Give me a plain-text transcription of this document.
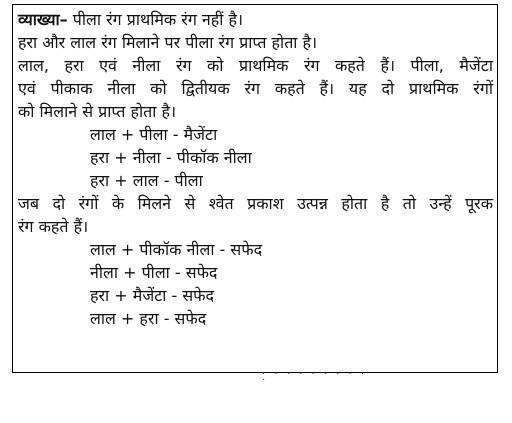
व्याख्या– पीला रंग प्राथमिक रंग नहीं है।
हरा और लाल रंग मिलाने पर पीला रंग प्राप्त होता है।
लाल, हरा एवं नीला रंग को प्राथमिक रंग कहते हैं। पीला, मैजेंटा
एवं पीकाक नीला को द्वितीयक रंग कहते हैं। यह दो प्राथमिक रंगों
को मिलाने से प्राप्त होता है।
लाल + पीला - मैजेंटा
हरा + नीला - पीकॉक नीला
हरा + लाल - पीला
जब दो रंगों के मिलने से श्वेत प्रकाश उत्पन्न होता है तो उन्हें पूरक
रंग कहते हैं।
लाल + पीकॉक नीला - सफेद
नीला + पीला - सफेद
हरा + मैजेंटा - सफेद
लाल + हरा - सफेद
· · · · · · · · · ·
